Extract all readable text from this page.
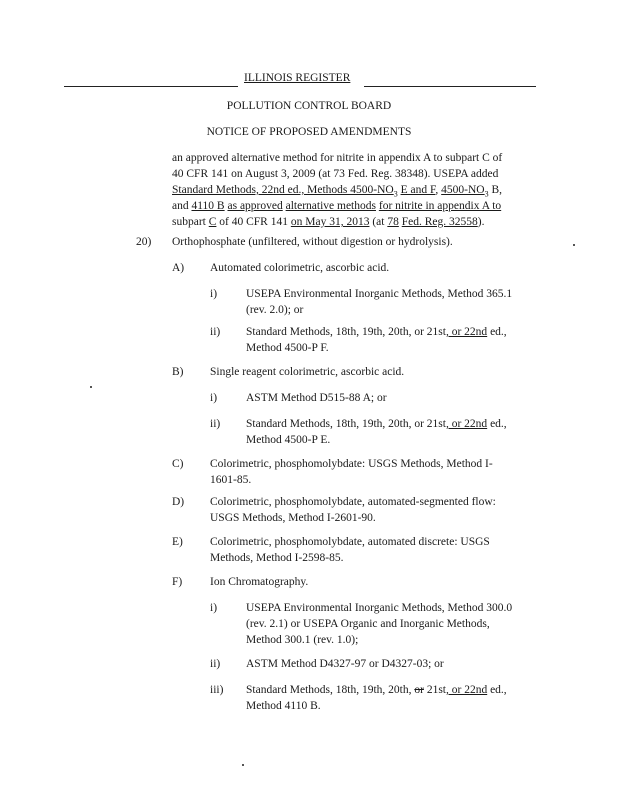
ILLINOIS REGISTER
POLLUTION CONTROL BOARD
NOTICE OF PROPOSED AMENDMENTS
an approved alternative method for nitrite in appendix A to subpart C of
40 CFR 141 on August 3, 2009 (at 73 Fed. Reg. 38348). USEPA added
Standard Methods, 22nd ed., Methods $4500-NO_3$ E and F, $4500-NO_3$ B,
and 4110 B as approved alternative methods for nitrite in appendix A to
subpart C of 40 CFR 141 on May 31, 2013 (at 78 Fed. Reg. 32558).
20) Orthophosphate (unfiltered, without digestion or hydrolysis).
A) Automated colorimetric, ascorbic acid.
i)	USEPA Environmental Inorganic Methods, Method 365.1
(rev. 2.0); or
ii) Standard Methods, 18th, 19th, 20th, or 21st, or 22nd ed.,
Method 4500-P F.
B) Single reagent colorimetric, ascorbic acid.
i)	ASTM Method D515-88 A; or
ii) Standard Methods, 18th, 19th, 20th, or 21st, or 22nd ed.,
Method 4500-P E.
C) Colorimetric, phosphomolybdate: USGS Methods, Method I-
1601-85.
D) Colorimetric, phosphomolybdate, automated-segmented flow:
USGS Methods, Method I-2601-90.
E) Colorimetric, phosphomolybdate, automated discrete: USGS
Methods, Method I-2598-85.
F) Ion Chromatography.
i)	USEPA Environmental Inorganic Methods, Method 300.0
(rev. 2.1) or USEPA Organic and Inorganic Methods,
Method 300.1 (rev. 1.0);
ii) ASTM Method D4327-97 or D4327-03; or
iii) Standard Methods, 18th, 19th, 20th, or 21st, or 22nd ed.,
Method 4110 B.
